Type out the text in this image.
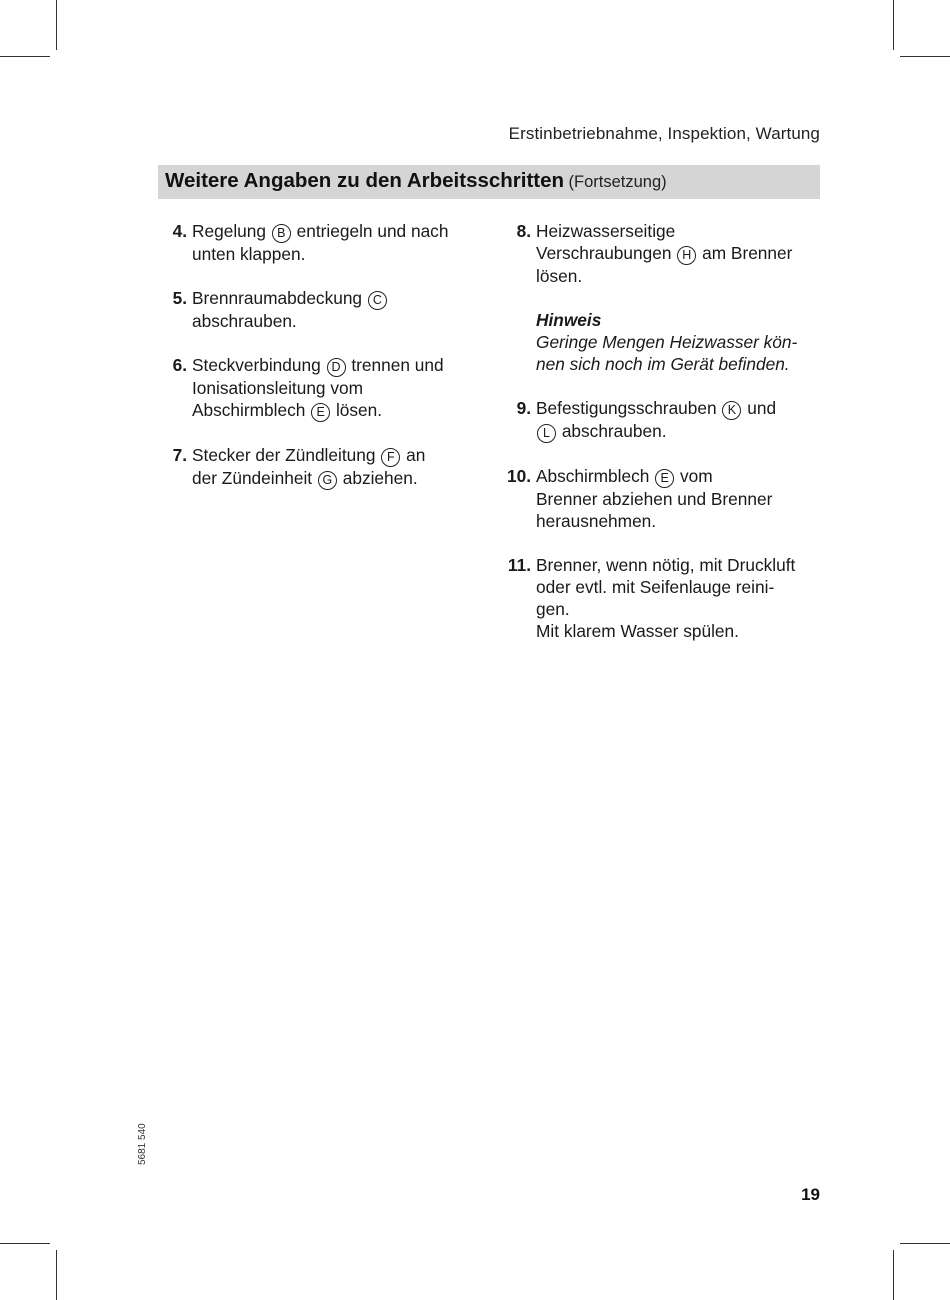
Erstinbetriebnahme, Inspektion, Wartung
Weitere Angaben zu den Arbeitsschritten (Fortsetzung)
4. Regelung B entriegeln und nach
unten klappen.
5. Brennraumabdeckung C
abschrauben.
6. Steckverbindung D trennen und
Ionisationsleitung vom
Abschirmblech E lösen.
7. Stecker der Zündleitung F an
der Zündeinheit G abziehen.
8. Heizwasserseitige
Verschraubungen H am Brenner
lösen.
Hinweis
Geringe Mengen Heizwasser kön-
nen sich noch im Gerät befinden.
9. Befestigungsschrauben K und
L abschrauben.
10. Abschirmblech E vom
Brenner abziehen und Brenner
herausnehmen.
11. Brenner, wenn nötig, mit Druckluft
oder evtl. mit Seifenlauge reini-
gen.
Mit klarem Wasser spülen.
5681 540
19
